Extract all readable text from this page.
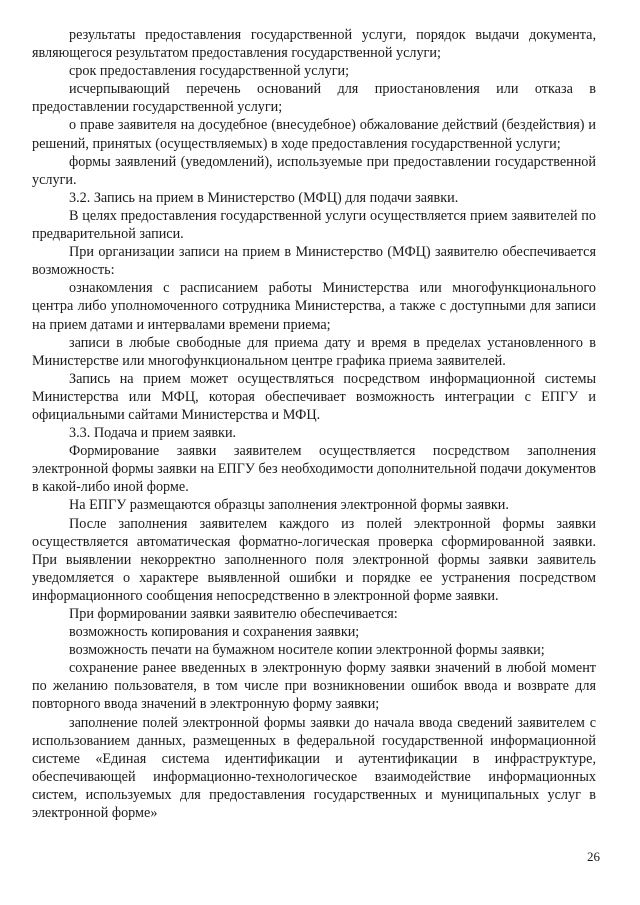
результаты предоставления государственной услуги, порядок выдачи документа, являющегося результатом предоставления государственной услуги;

срок предоставления государственной услуги;

исчерпывающий перечень оснований для приостановления или отказа в предоставлении государственной услуги;

о праве заявителя на досудебное (внесудебное) обжалование действий (бездействия) и решений, принятых (осуществляемых) в ходе предоставления государственной услуги;

формы заявлений (уведомлений), используемые при предоставлении государственной услуги.

3.2. Запись на прием в Министерство (МФЦ) для подачи заявки.

В целях предоставления государственной услуги осуществляется прием заявителей по предварительной записи.

При организации записи на прием в Министерство (МФЦ) заявителю обеспечивается возможность:

ознакомления с расписанием работы Министерства или многофункционального центра либо уполномоченного сотрудника Министерства, а также с доступными для записи на прием датами и интервалами времени приема;

записи в любые свободные для приема дату и время в пределах установленного в Министерстве или многофункциональном центре графика приема заявителей.

Запись на прием может осуществляться посредством информационной системы Министерства или МФЦ, которая обеспечивает возможность интеграции с ЕПГУ и официальными сайтами Министерства и МФЦ.

3.3. Подача и прием заявки.

Формирование заявки заявителем осуществляется посредством заполнения электронной формы заявки на ЕПГУ без необходимости дополнительной подачи документов в какой-либо иной форме.

На ЕПГУ размещаются образцы заполнения электронной формы заявки.

После заполнения заявителем каждого из полей электронной формы заявки осуществляется автоматическая форматно-логическая проверка сформированной заявки. При выявлении некорректно заполненного поля электронной формы заявки заявитель уведомляется о характере выявленной ошибки и порядке ее устранения посредством информационного сообщения непосредственно в электронной форме заявки.

При формировании заявки заявителю обеспечивается:

возможность копирования и сохранения заявки;

возможность печати на бумажном носителе копии электронной формы заявки;

сохранение ранее введенных в электронную форму заявки значений в любой момент по желанию пользователя, в том числе при возникновении ошибок ввода и возврате для повторного ввода значений в электронную форму заявки;

заполнение полей электронной формы заявки до начала ввода сведений заявителем с использованием данных, размещенных в федеральной государственной информационной системе «Единая система идентификации и аутентификации в инфраструктуре, обеспечивающей информационно-технологическое взаимодействие информационных систем, используемых для предоставления государственных и муниципальных услуг в электронной форме»

26
